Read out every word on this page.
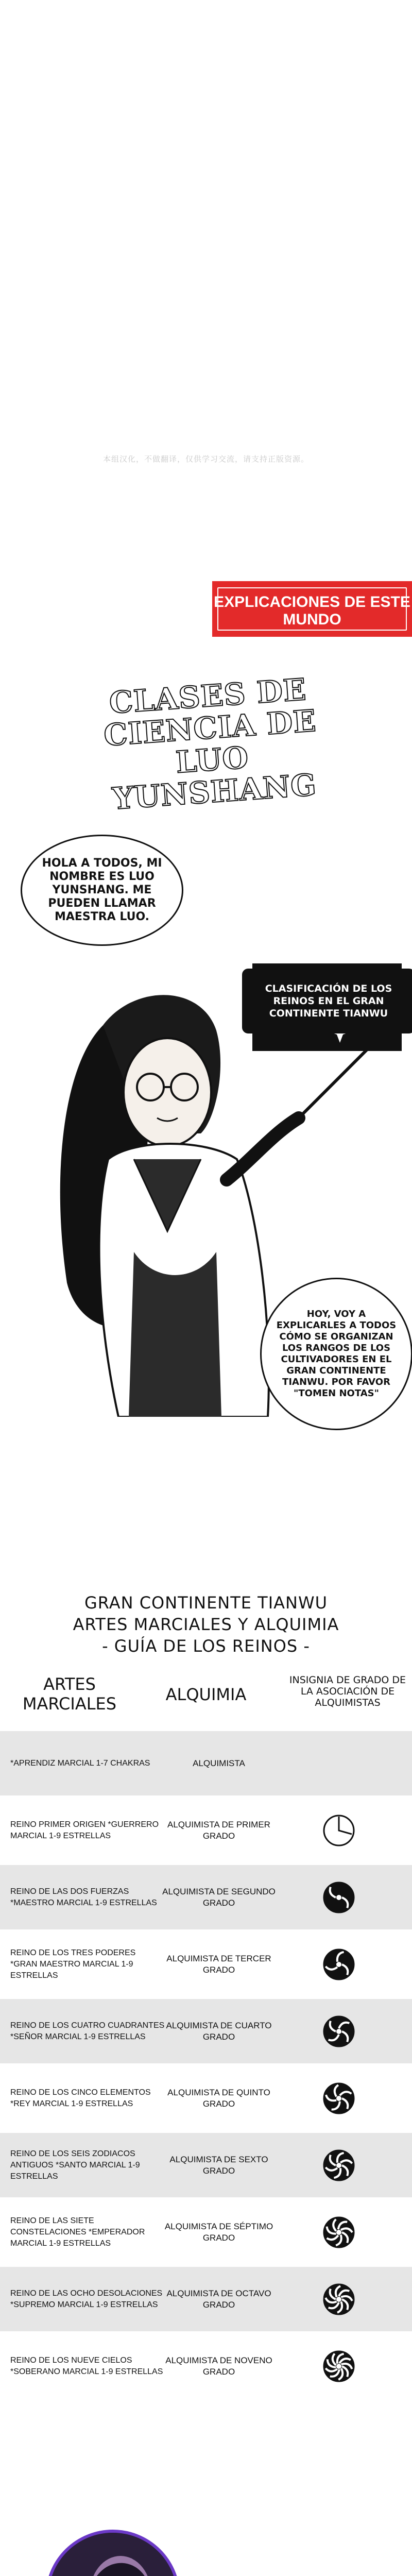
本组汉化，不做翻译，仅供学习交流，请支持正版资源。
EXPLICACIONES DE ESTE MUNDO
CLASES DE CIENCIA DE LUO YUNSHANG
HOLA A TODOS, MI NOMBRE ES LUO YUNSHANG. ME PUEDEN LLAMAR MAESTRA LUO.
CLASIFICACIÓN DE LOS REINOS EN EL GRAN CONTINENTE TIANWU
HOY, VOY A EXPLICARLES A TODOS CÓMO SE ORGANIZAN LOS RANGOS DE LOS CULTIVADORES EN EL GRAN CONTINENTE TIANWU. POR FAVOR "TOMEN NOTAS"
GRAN CONTINENTE TIANWU
ARTES MARCIALES Y ALQUIMIA
- GUÍA DE LOS REINOS -
ARTES MARCIALES	ALQUIMIA
INSIGNIA DE GRADO DE LA ASOCIACIÓN DE ALQUIMISTAS
*APRENDIZ MARCIAL 1-7 CHAKRAS	ALQUIMISTA
REINO PRIMER ORIGEN *GUERRERO MARCIAL 1-9 ESTRELLAS
ALQUIMISTA DE PRIMER GRADO
REINO DE LAS DOS FUERZAS *MAESTRO MARCIAL 1-9 ESTRELLAS
ALQUIMISTA DE SEGUNDO GRADO
REINO DE LOS TRES PODERES *GRAN MAESTRO MARCIAL 1-9 ESTRELLAS
ALQUIMISTA DE TERCER GRADO
REINO DE LOS CUATRO CUADRANTES *SEÑOR MARCIAL 1-9 ESTRELLAS
ALQUIMISTA DE CUARTO GRADO
REINO DE LOS CINCO ELEMENTOS *REY MARCIAL 1-9 ESTRELLAS
ALQUIMISTA DE QUINTO GRADO
REINO DE LOS SEIS ZODIACOS ANTIGUOS *SANTO MARCIAL 1-9 ESTRELLAS
ALQUIMISTA DE SEXTO GRADO
REINO DE LAS SIETE CONSTELACIONES *EMPERADOR MARCIAL 1-9 ESTRELLAS
ALQUIMISTA DE SÉPTIMO GRADO
REINO DE LAS OCHO DESOLACIONES *SUPREMO MARCIAL 1-9 ESTRELLAS
ALQUIMISTA DE OCTAVO GRADO
REINO DE LOS NUEVE CIELOS *SOBERANO MARCIAL 1-9 ESTRELLAS
ALQUIMISTA DE NOVENO GRADO
